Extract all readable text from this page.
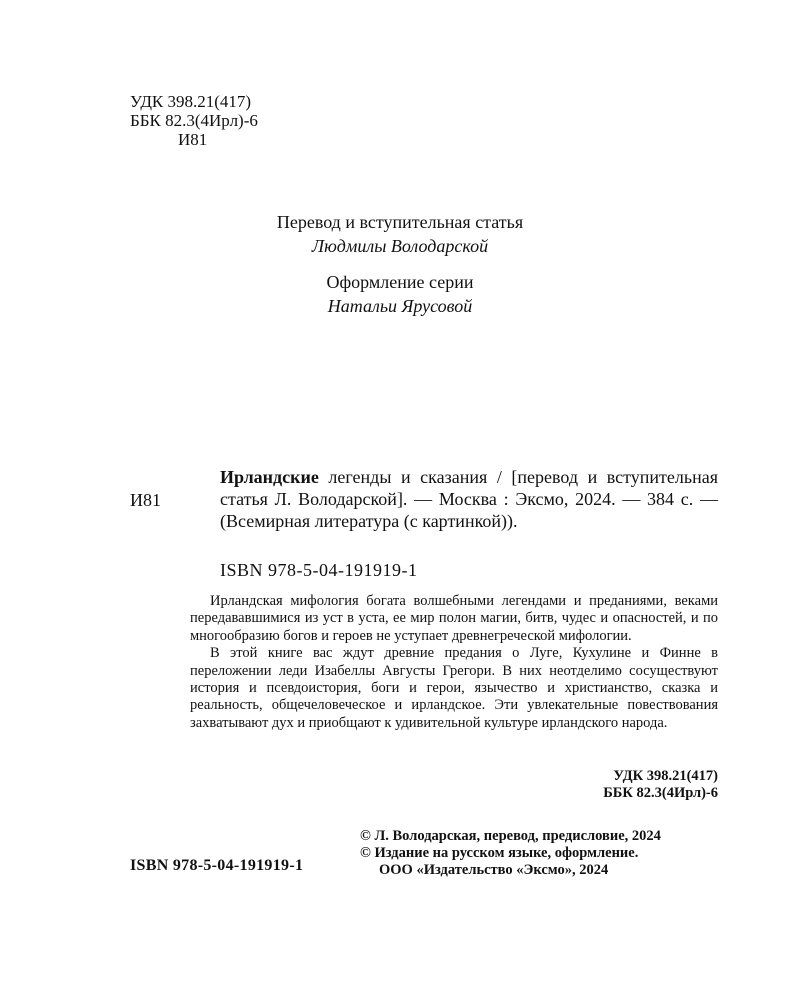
УДК 398.21(417)
ББК 82.3(4Ирл)-6
И81
Перевод и вступительная статья
Людмилы Володарской
Оформление серии
Натальи Ярусовой
И81
Ирландские легенды и сказания / [перевод и вступительная статья Л. Володарской]. — Москва : Эксмо, 2024. — 384 с. — (Всемирная литература (с картинкой)).
ISBN 978-5-04-191919-1

Ирландская мифология богата волшебными легендами и преданиями, веками передававшимися из уст в уста, ее мир полон магии, битв, чудес и опасностей, и по многообразию богов и героев не уступает древнегреческой мифологии.

В этой книге вас ждут древние предания о Луге, Кухулине и Финне в переложении леди Изабеллы Августы Грегори. В них неотделимо сосуществуют история и псевдоистория, боги и герои, язычество и христианство, сказка и реальность, общечеловеческое и ирландское. Эти увлекательные повествования захватывают дух и приобщают к удивительной культуре ирландского народа.

УДК 398.21(417)
ББК 82.3(4Ирл)-6
© Л. Володарская, перевод, предисловие, 2024
© Издание на русском языке, оформление.
ООО «Издательство «Эксмо», 2024
ISBN 978-5-04-191919-1
